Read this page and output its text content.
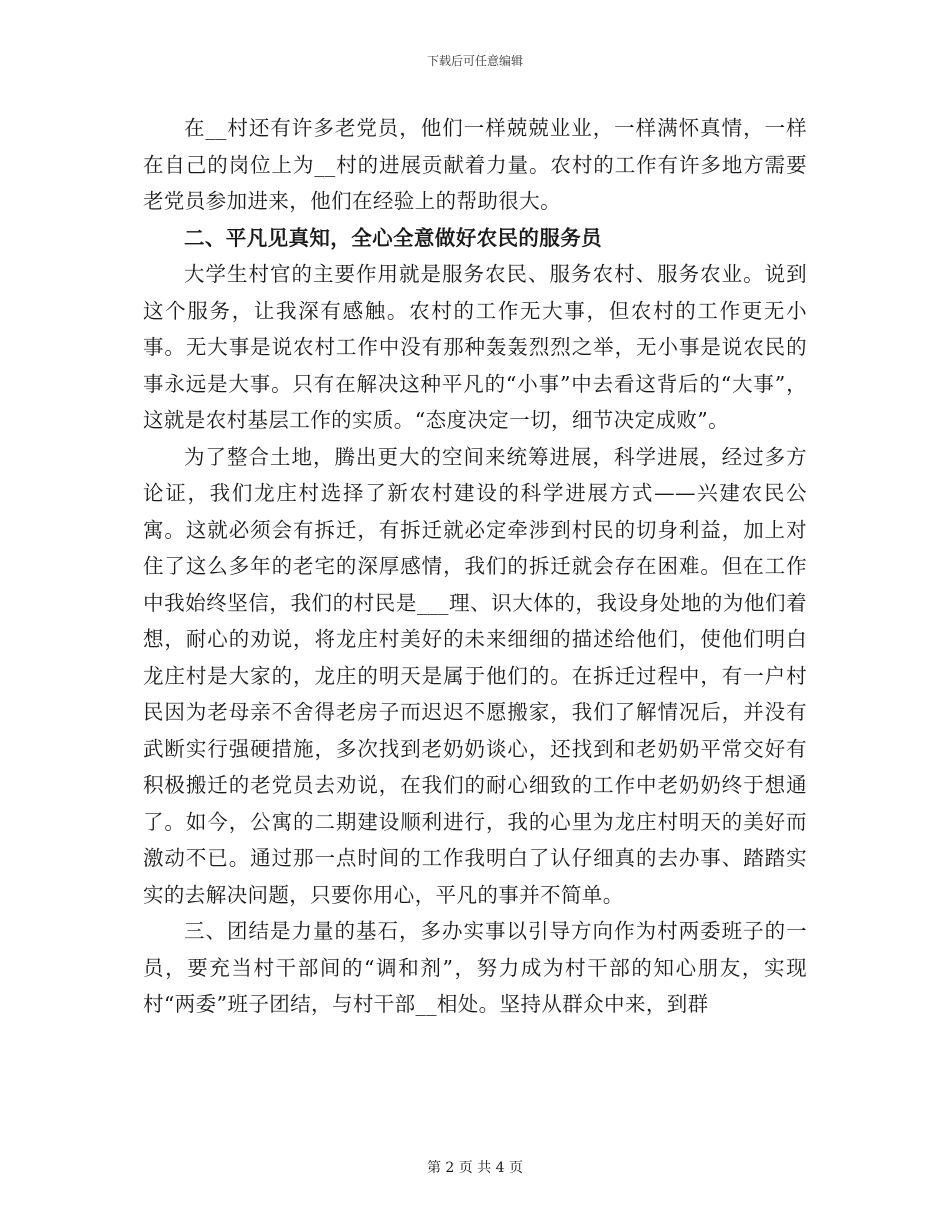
下载后可任意编辑

在__村还有许多老党员，他们一样兢兢业业，一样满怀真情，一样在自己的岗位上为__村的进展贡献着力量。农村的工作有许多地方需要老党员参加进来，他们在经验上的帮助很大。

二、平凡见真知，全心全意做好农民的服务员

大学生村官的主要作用就是服务农民、服务农村、服务农业。说到这个服务，让我深有感触。农村的工作无大事，但农村的工作更无小事。无大事是说农村工作中没有那种轰轰烈烈之举，无小事是说农民的事永远是大事。只有在解决这种平凡的“小事”中去看这背后的“大事”，这就是农村基层工作的实质。“态度决定一切，细节决定成败”。

为了整合土地，腾出更大的空间来统筹进展，科学进展，经过多方论证，我们龙庄村选择了新农村建设的科学进展方式——兴建农民公寓。这就必须会有拆迁，有拆迁就必定牵涉到村民的切身利益，加上对住了这么多年的老宅的深厚感情，我们的拆迁就会存在困难。但在工作中我始终坚信，我们的村民是___理、识大体的，我设身处地的为他们着想，耐心的劝说，将龙庄村美好的未来细细的描述给他们，使他们明白龙庄村是大家的，龙庄的明天是属于他们的。在拆迁过程中，有一户村民因为老母亲不舍得老房子而迟迟不愿搬家，我们了解情况后，并没有武断实行强硬措施，多次找到老奶奶谈心，还找到和老奶奶平常交好有积极搬迁的老党员去劝说，在我们的耐心细致的工作中老奶奶终于想通了。如今，公寓的二期建设顺利进行，我的心里为龙庄村明天的美好而激动不已。通过那一点时间的工作我明白了认仔细真的去办事、踏踏实实的去解决问题，只要你用心，平凡的事并不简单。

三、团结是力量的基石，多办实事以引导方向作为村两委班子的一员，要充当村干部间的“调和剂”，努力成为村干部的知心朋友，实现村“两委”班子团结，与村干部__相处。坚持从群众中来，到群

第 2 页 共 4 页
